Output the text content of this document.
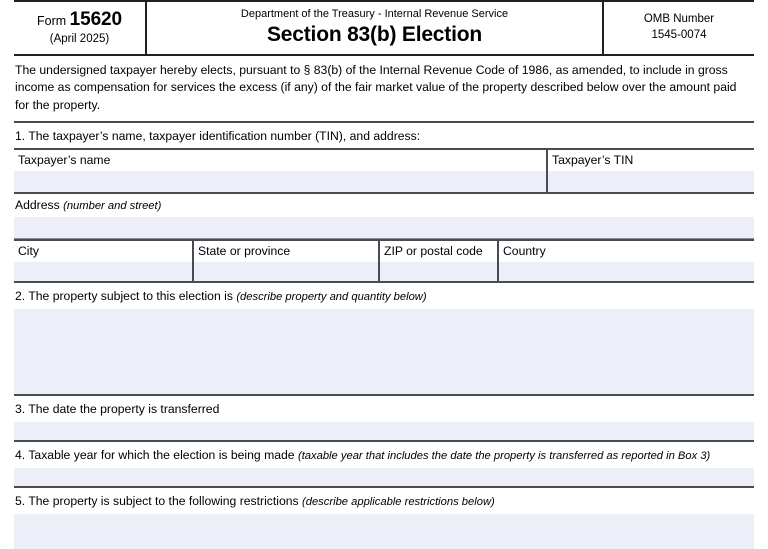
Form 15620
(April 2025)
Department of the Treasury - Internal Revenue Service
Section 83(b) Election
OMB Number
1545-0074
The undersigned taxpayer hereby elects, pursuant to § 83(b) of the Internal Revenue Code of 1986, as amended, to include in gross income as compensation for services the excess (if any) of the fair market value of the property described below over the amount paid for the property.
1. The taxpayer’s name, taxpayer identification number (TIN), and address:
Taxpayer’s name	Taxpayer’s TIN
Address (number and street)
City	State or province	ZIP or postal code	Country
2. The property subject to this election is (describe property and quantity below)
3. The date the property is transferred
4. Taxable year for which the election is being made (taxable year that includes the date the property is transferred as reported in Box 3)
5. The property is subject to the following restrictions (describe applicable restrictions below)
